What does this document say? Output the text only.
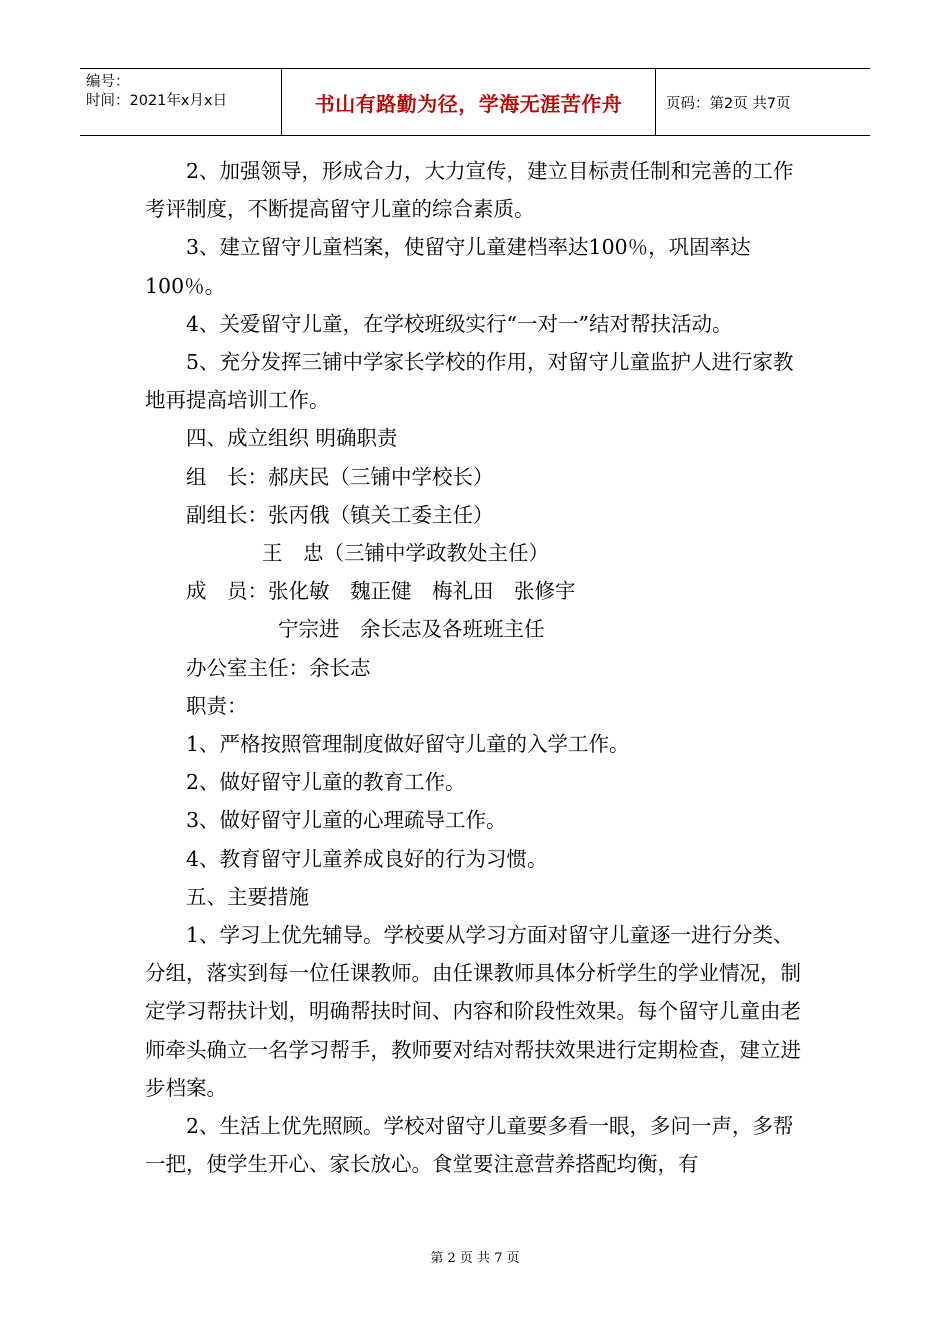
编号：
时间：2021年x月x日	书山有路勤为径，学海无涯苦作舟	页码：第2页 共7页

2、加强领导，形成合力，大力宣传，建立目标责任制和完善的工作考评制度，不断提高留守儿童的综合素质。

3、建立留守儿童档案，使留守儿童建档率达100％，巩固率达100％。

4、关爱留守儿童，在学校班级实行“一对一”结对帮扶活动。

5、充分发挥三铺中学家长学校的作用，对留守儿童监护人进行家教地再提高培训工作。

四、成立组织 明确职责

组　长：郝庆民（三铺中学校长）

副组长：张丙俄（镇关工委主任）

王　忠（三铺中学政教处主任）

成　员：张化敏　魏正健　梅礼田　张修宇

宁宗进　余长志及各班班主任

办公室主任：余长志

职责：

1、严格按照管理制度做好留守儿童的入学工作。

2、做好留守儿童的教育工作。

3、做好留守儿童的心理疏导工作。

4、教育留守儿童养成良好的行为习惯。

五、主要措施

1、学习上优先辅导。学校要从学习方面对留守儿童逐一进行分类、分组，落实到每一位任课教师。由任课教师具体分析学生的学业情况，制定学习帮扶计划，明确帮扶时间、内容和阶段性效果。每个留守儿童由老师牵头确立一名学习帮手，教师要对结对帮扶效果进行定期检查，建立进步档案。

2、生活上优先照顾。学校对留守儿童要多看一眼，多问一声，多帮一把，使学生开心、家长放心。食堂要注意营养搭配均衡，有

第 2 页 共 7 页
